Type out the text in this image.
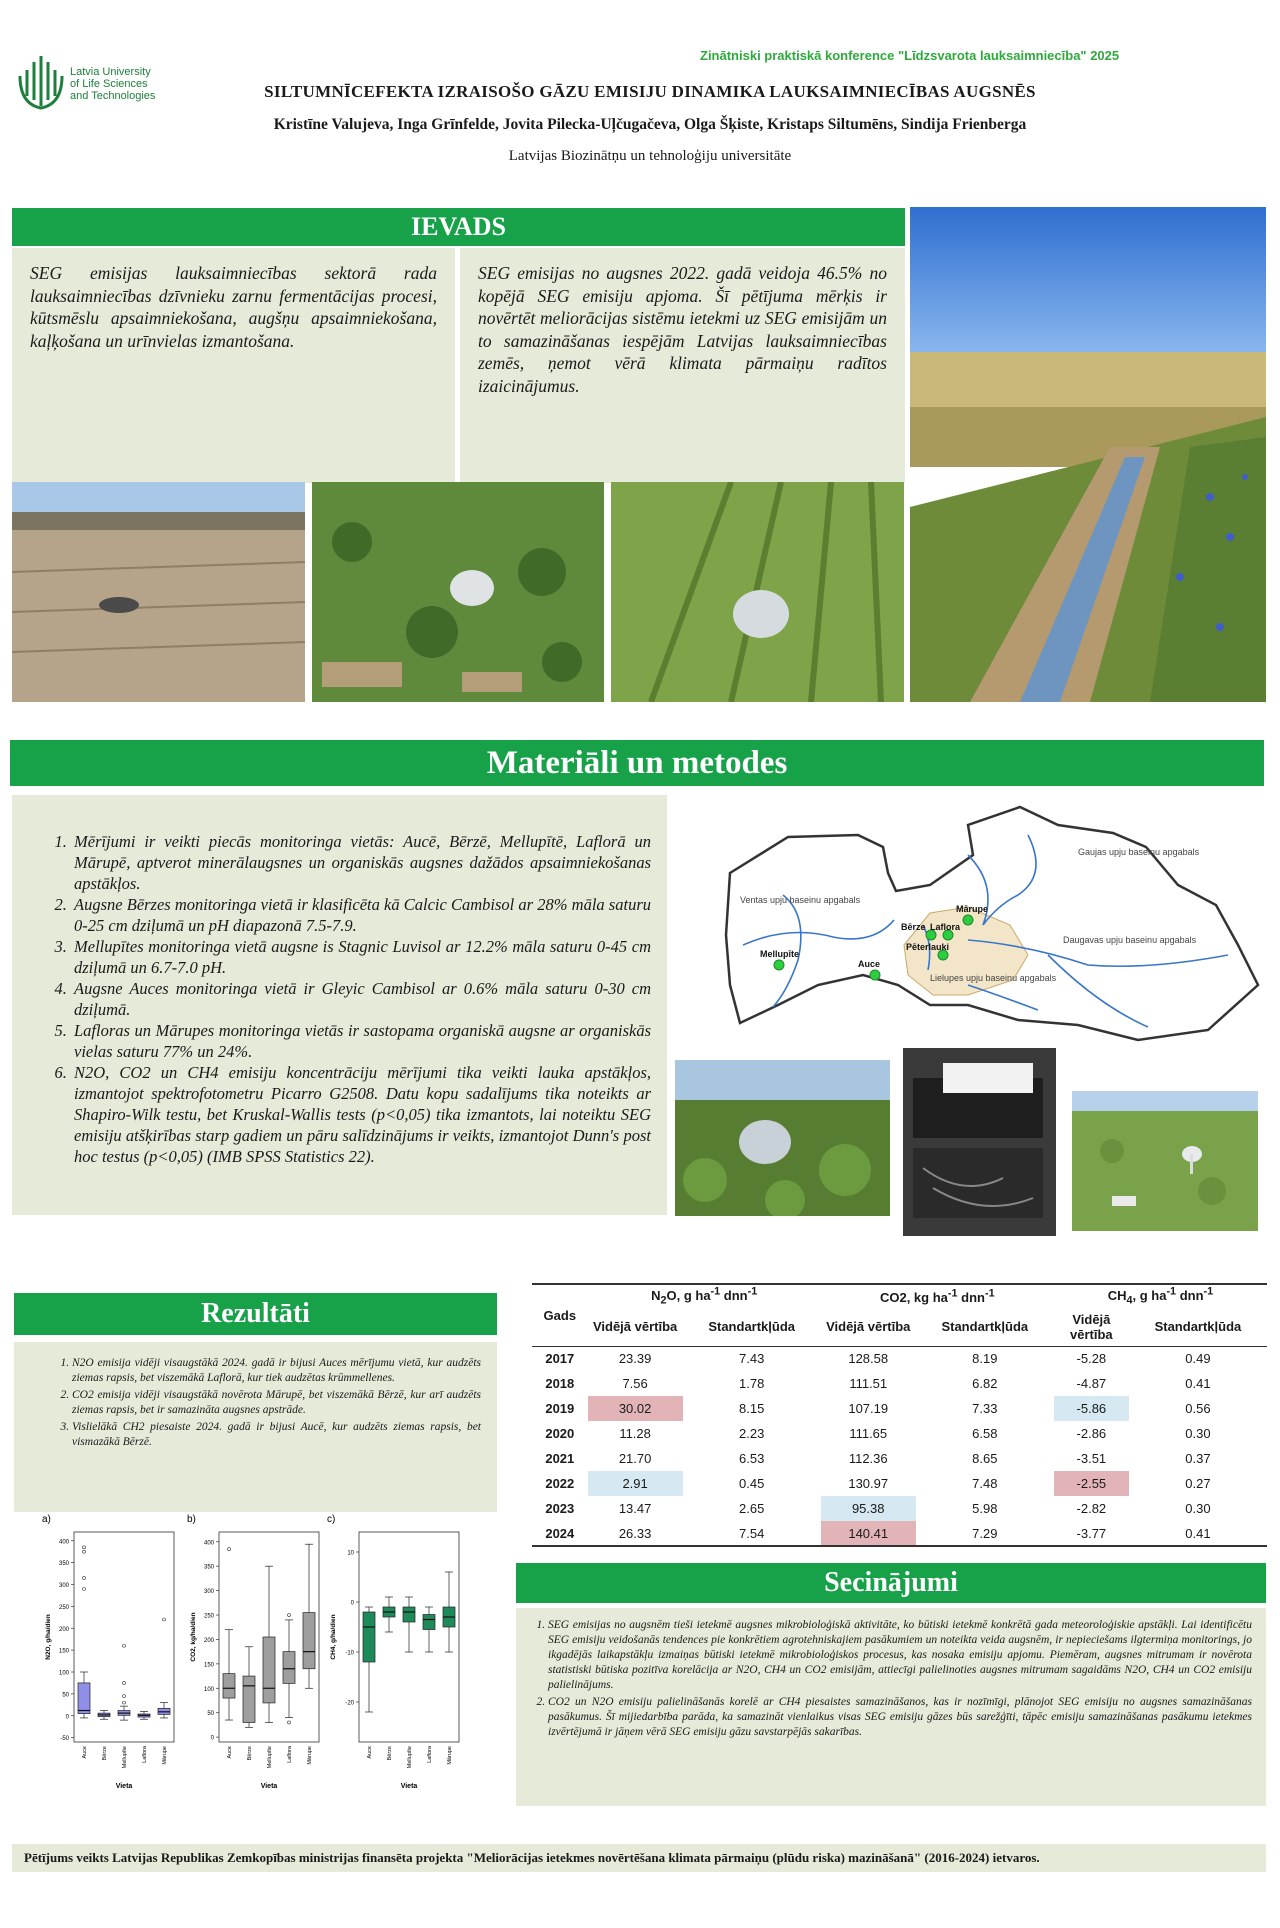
Latvia University
of Life Sciences
and Technologies
Zinātniski praktiskā konference "Līdzsvarota lauksaimniecība" 2025
SILTUMNĪCEFEKTA IZRAISOŠO GĀZU EMISIJU DINAMIKA LAUKSAIMNIECĪBAS AUGSNĒS
Kristīne Valujeva, Inga Grīnfelde, Jovita Pilecka-Uļčugačeva, Olga Šķiste, Kristaps Siltumēns, Sindija Frienberga
Latvijas Biozinātņu un tehnoloģiju universitāte
IEVADS
SEG emisijas lauksaimniecības sektorā rada lauksaimniecības dzīvnieku zarnu fermentācijas procesi, kūtsmēslu apsaimniekošana, augšņu apsaimniekošana, kaļķošana un urīnvielas izmantošana.
SEG emisijas no augsnes 2022. gadā veidoja 46.5% no kopējā SEG emisiju apjoma. Šī pētījuma mērķis ir novērtēt meliorācijas sistēmu ietekmi uz SEG emisijām un to samazināšanas iespējām Latvijas lauksaimniecības zemēs, ņemot vērā klimata pārmaiņu radītos izaicinājumus.
Materiāli un metodes
1. Mērījumi ir veikti piecās monitoringa vietās: Aucē, Bērzē, Mellupītē, Laflorā un Mārupē, aptverot minerālaugsnes un organiskās augsnes dažādos apsaimniekošanas apstākļos.
2. Augsne Bērzes monitoringa vietā ir klasificēta kā Calcic Cambisol ar 28% māla saturu 0-25 cm dziļumā un pH diapazonā 7.5-7.9.
3. Mellupītes monitoringa vietā augsne is Stagnic Luvisol ar 12.2% māla saturu 0-45 cm dziļumā un 6.7-7.0 pH.
4. Augsne Auces monitoringa vietā ir Gleyic Cambisol ar 0.6% māla saturu 0-30 cm dziļumā.
5. Lafloras un Mārupes monitoringa vietās ir sastopama organiskā augsne ar organiskās vielas saturu 77% un 24%.
6. N2O, CO2 un CH4 emisiju koncentrāciju mērījumi tika veikti lauka apstākļos, izmantojot spektrofotometru Picarro G2508. Datu kopu sadalījums tika noteikts ar Shapiro-Wilk testu, bet Kruskal-Wallis tests (p<0,05) tika izmantots, lai noteiktu SEG emisiju atšķirības starp gadiem un pāru salīdzinājums ir veikts, izmantojot Dunn's post hoc testus (p<0,05) (IMB SPSS Statistics 22).
Gaujas upju baseinu apgabals
Ventas upju baseinu apgabals
Daugavas upju baseinu apgabals
Lielupes upju baseinu apgabals
Mārupe
Bērze Laflora
Pēterlauki
Mellupīte
Auce
Rezultāti
1. N2O emisija vidēji visaugstākā 2024. gadā ir bijusi Auces mērījumu vietā, kur audzēts ziemas rapsis, bet viszemākā Laflorā, kur tiek audzētas krūmmellenes.
2. CO2 emisija vidēji visaugstākā novērota Mārupē, bet viszemākā Bērzē, kur arī audzēts ziemas rapsis, bet ir samazināta augsnes apstrāde.
3. Vislielākā CH2 piesaiste 2024. gadā ir bijusi Aucē, kur audzēts ziemas rapsis, bet vismazākā Bērzē.
a)
-50
0
50
100
150
200
250
300
350
400
N2O, g/ha/dien
Vieta
Auce	Bērze	Mellupīte	Laflora	Mārupe
b)
0
50
100
150
200
250
300
350
400
CO2, kg/ha/dien
Vieta
Auce	Bērze	Mellupīte	Laflora	Mārupe
c)
-20
-10
0
10
CH4, g/ha/dien
Vieta
Auce	Bērze	Mellupīte	Laflora	Mārupe
Gads	$N_2O$, g $ha^{-1}$ dnn$^{-1}$		CO2, kg $ha^{-1}$ dnn$^{-1}$		$CH_4$, g $ha^{-1}$ dnn$^{-1}$
	Vidējā vērtība	Standartkļūda	Vidējā vērtība	Standartkļūda	Vidējā vērtība	Standartkļūda
2017	23.39	7.43	128.58	8.19	-5.28	0.49
2018	7.56	1.78	111.51	6.82	-4.87	0.41
2019	30.02	8.15	107.19	7.33	-5.86	0.56
2020	11.28	2.23	111.65	6.58	-2.86	0.30
2021	21.70	6.53	112.36	8.65	-3.51	0.37
2022	2.91	0.45	130.97	7.48	-2.55	0.27
2023	13.47	2.65	95.38	5.98	-2.82	0.30
2024	26.33	7.54	140.41	7.29	-3.77	0.41
Secinājumi
1. SEG emisijas no augsnēm tieši ietekmē augsnes mikrobioloģiskā aktivitāte, ko būtiski ietekmē konkrētā gada meteoroloģiskie apstākļi. Lai identificētu SEG emisiju veidošanās tendences pie konkrētiem agrotehniskajiem pasākumiem un noteikta veida augsnēm, ir nepieciešams ilgtermiņa monitorings, jo ikgadējās laikapstākļu izmaiņas būtiski ietekmē mikrobioloģiskos procesus, kas nosaka emisiju apjomu. Piemēram, augsnes mitrumam ir novērota statistiski būtiska pozitīva korelācija ar N2O, CH4 un CO2 emisijām, attiecīgi palielinoties augsnes mitrumam sagaidāms N2O, CH4 un CO2 emisiju palielinājums.
2. CO2 un N2O emisiju palielināšanās korelē ar CH4 piesaistes samazināšanos, kas ir nozīmīgi, plānojot SEG emisiju no augsnes samazināšanas pasākumus. Šī mijiedarbība parāda, ka samazināt vienlaikus visas SEG emisiju gāzes būs sarežģīti, tāpēc emisiju samazināšanas pasākumu ietekmes izvērtējumā ir jāņem vērā SEG emisiju gāzu savstarpējās sakarības.
Pētījums veikts Latvijas Republikas Zemkopības ministrijas finansēta projekta "Meliorācijas ietekmes novērtēšana klimata pārmaiņu (plūdu riska) mazināšanā" (2016-2024) ietvaros.
